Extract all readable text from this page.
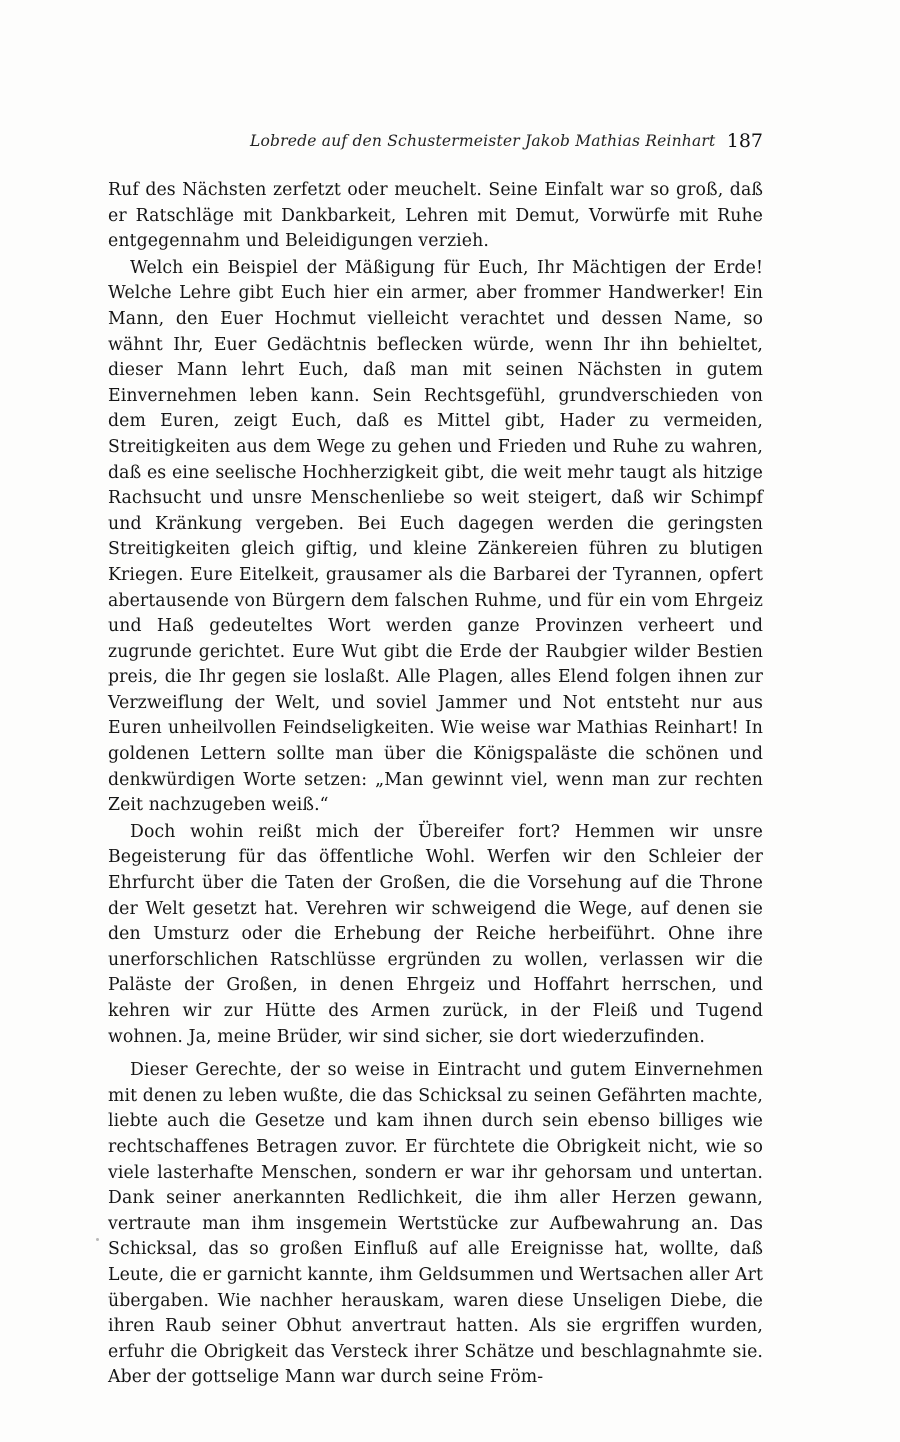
Lobrede auf den Schustermeister Jakob Mathias Reinhart 187

Ruf des Nächsten zerfetzt oder meuchelt. Seine Einfalt war so groß, daß er Ratschläge mit Dankbarkeit, Lehren mit Demut, Vorwürfe mit Ruhe entgegennahm und Beleidigungen verzieh.

Welch ein Beispiel der Mäßigung für Euch, Ihr Mächtigen der Erde! Welche Lehre gibt Euch hier ein armer, aber frommer Handwerker! Ein Mann, den Euer Hochmut vielleicht verachtet und dessen Name, so wähnt Ihr, Euer Gedächtnis beflecken würde, wenn Ihr ihn behieltet, dieser Mann lehrt Euch, daß man mit seinen Nächsten in gutem Einvernehmen leben kann. Sein Rechtsgefühl, grundverschieden von dem Euren, zeigt Euch, daß es Mittel gibt, Hader zu vermeiden, Streitigkeiten aus dem Wege zu gehen und Frieden und Ruhe zu wahren, daß es eine seelische Hochherzigkeit gibt, die weit mehr taugt als hitzige Rachsucht und unsre Menschenliebe so weit steigert, daß wir Schimpf und Kränkung vergeben. Bei Euch dagegen werden die geringsten Streitigkeiten gleich giftig, und kleine Zänkereien führen zu blutigen Kriegen. Eure Eitelkeit, grausamer als die Barbarei der Tyrannen, opfert abertausende von Bürgern dem falschen Ruhme, und für ein vom Ehrgeiz und Haß gedeuteltes Wort werden ganze Provinzen verheert und zugrunde gerichtet. Eure Wut gibt die Erde der Raubgier wilder Bestien preis, die Ihr gegen sie loslaßt. Alle Plagen, alles Elend folgen ihnen zur Verzweiflung der Welt, und soviel Jammer und Not entsteht nur aus Euren unheilvollen Feindseligkeiten. Wie weise war Mathias Reinhart! In goldenen Lettern sollte man über die Königspaläste die schönen und denkwürdigen Worte setzen: „Man gewinnt viel, wenn man zur rechten Zeit nachzugeben weiß.“

Doch wohin reißt mich der Übereifer fort? Hemmen wir unsre Begeisterung für das öffentliche Wohl. Werfen wir den Schleier der Ehrfurcht über die Taten der Großen, die die Vorsehung auf die Throne der Welt gesetzt hat. Verehren wir schweigend die Wege, auf denen sie den Umsturz oder die Erhebung der Reiche herbeiführt. Ohne ihre unerforschlichen Ratschlüsse ergründen zu wollen, verlassen wir die Paläste der Großen, in denen Ehrgeiz und Hoffahrt herrschen, und kehren wir zur Hütte des Armen zurück, in der Fleiß und Tugend wohnen. Ja, meine Brüder, wir sind sicher, sie dort wiederzufinden.

Dieser Gerechte, der so weise in Eintracht und gutem Einvernehmen mit denen zu leben wußte, die das Schicksal zu seinen Gefährten machte, liebte auch die Gesetze und kam ihnen durch sein ebenso billiges wie rechtschaffenes Betragen zuvor. Er fürchtete die Obrigkeit nicht, wie so viele lasterhafte Menschen, sondern er war ihr gehorsam und untertan. Dank seiner anerkannten Redlichkeit, die ihm aller Herzen gewann, vertraute man ihm insgemein Wertstücke zur Aufbewahrung an. Das Schicksal, das so großen Einfluß auf alle Ereignisse hat, wollte, daß Leute, die er garnicht kannte, ihm Geldsummen und Wertsachen aller Art übergaben. Wie nachher herauskam, waren diese Unseligen Diebe, die ihren Raub seiner Obhut anvertraut hatten. Als sie ergriffen wurden, erfuhr die Obrigkeit das Versteck ihrer Schätze und beschlagnahmte sie. Aber der gottselige Mann war durch seine Fröm-
